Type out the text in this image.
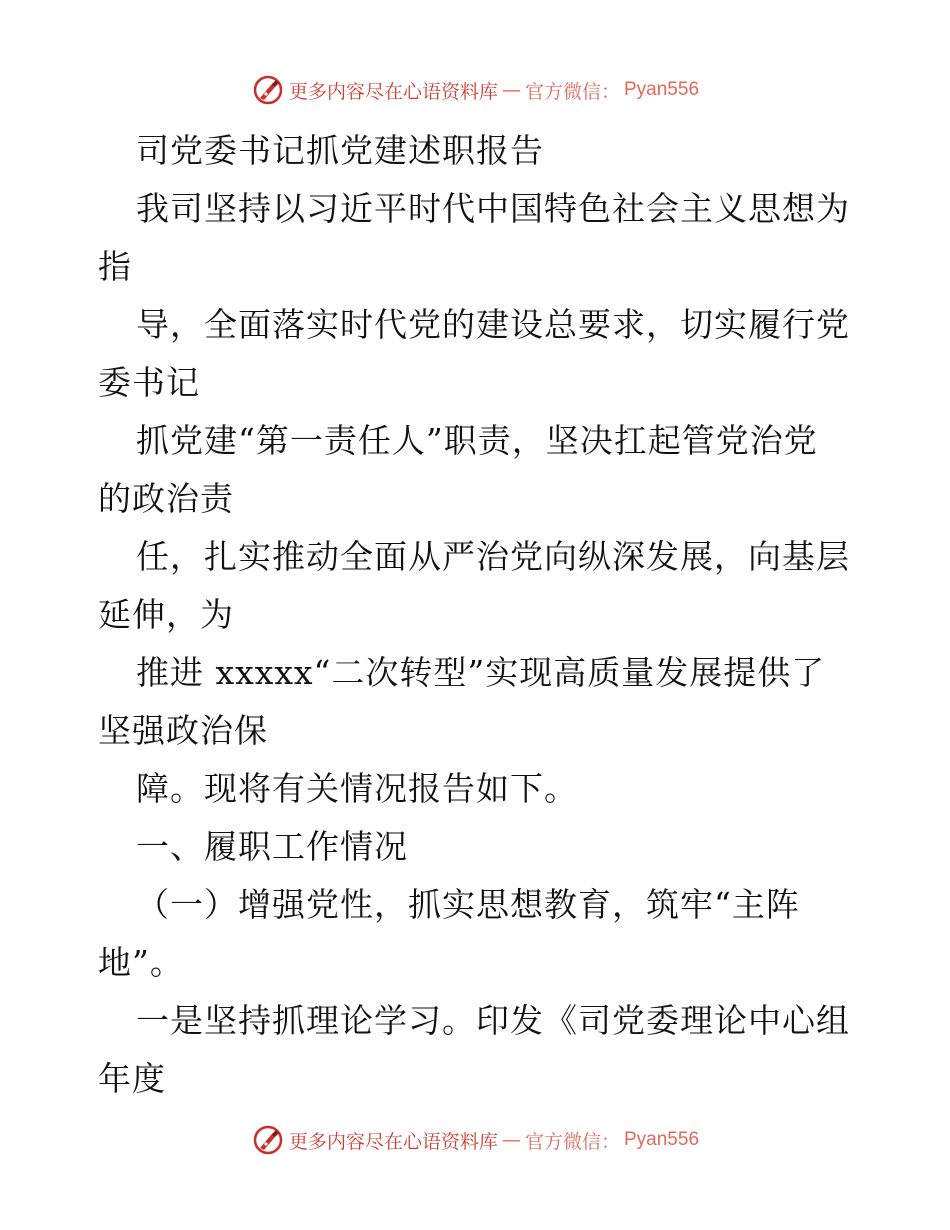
更多内容尽在心语资料库 — 官方微信： Pyan556
司党委书记抓党建述职报告
我司坚持以习近平时代中国特色社会主义思想为
指
导，全面落实时代党的建设总要求，切实履行党
委书记
抓党建“第一责任人”职责，坚决扛起管党治党
的政治责
任，扎实推动全面从严治党向纵深发展，向基层
延伸，为
推进 xxxxx“二次转型”实现高质量发展提供了
坚强政治保
障。现将有关情况报告如下。
一、履职工作情况
（一）增强党性，抓实思想教育，筑牢“主阵
地”。
一是坚持抓理论学习。印发《司党委理论中心组
年度
更多内容尽在心语资料库 — 官方微信： Pyan556
